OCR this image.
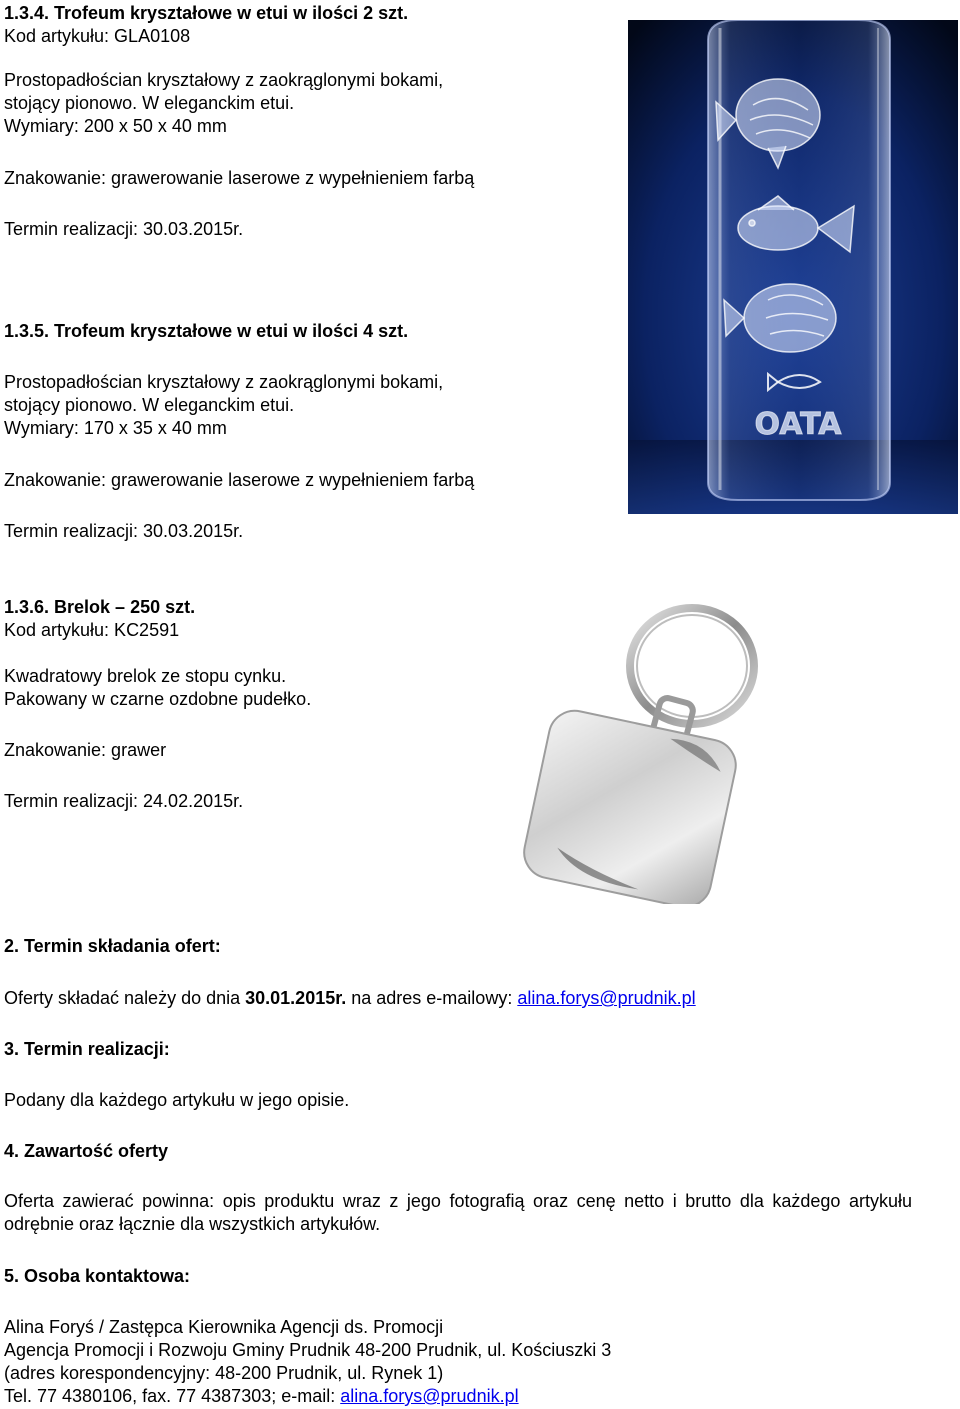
1.3.4. Trofeum kryształowe w etui w ilości 2 szt.
Kod artykułu: GLA0108
Prostopadłościan kryształowy z zaokrąglonymi bokami,
stojący pionowo. W eleganckim etui.
Wymiary: 200 x 50 x 40 mm
Znakowanie: grawerowanie laserowe z wypełnieniem farbą
Termin realizacji: 30.03.2015r.
1.3.5. Trofeum kryształowe w etui w ilości 4 szt.
Prostopadłościan kryształowy z zaokrąglonymi bokami,
stojący pionowo. W eleganckim etui.
Wymiary: 170 x 35 x 40 mm
Znakowanie: grawerowanie laserowe z wypełnieniem farbą
Termin realizacji: 30.03.2015r.
OATA
1.3.6. Brelok – 250 szt.
Kod artykułu: KC2591
Kwadratowy brelok ze stopu cynku.
Pakowany w czarne ozdobne pudełko.
Znakowanie: grawer
Termin realizacji: 24.02.2015r.
2. Termin składania ofert:
Oferty składać należy do dnia 30.01.2015r. na adres e-mailowy: alina.forys@prudnik.pl
3. Termin realizacji:
Podany dla każdego artykułu w jego opisie.
4. Zawartość oferty
Oferta zawierać powinna: opis produktu wraz z jego fotografią oraz cenę netto i brutto dla każdego artykułu odrębnie oraz łącznie dla wszystkich artykułów.
5. Osoba kontaktowa:
Alina Foryś / Zastępca Kierownika Agencji ds. Promocji
Agencja Promocji i Rozwoju Gminy Prudnik 48-200 Prudnik, ul. Kościuszki 3
(adres korespondencyjny: 48-200 Prudnik, ul. Rynek 1)
Tel. 77 4380106, fax. 77 4387303; e-mail: alina.forys@prudnik.pl
